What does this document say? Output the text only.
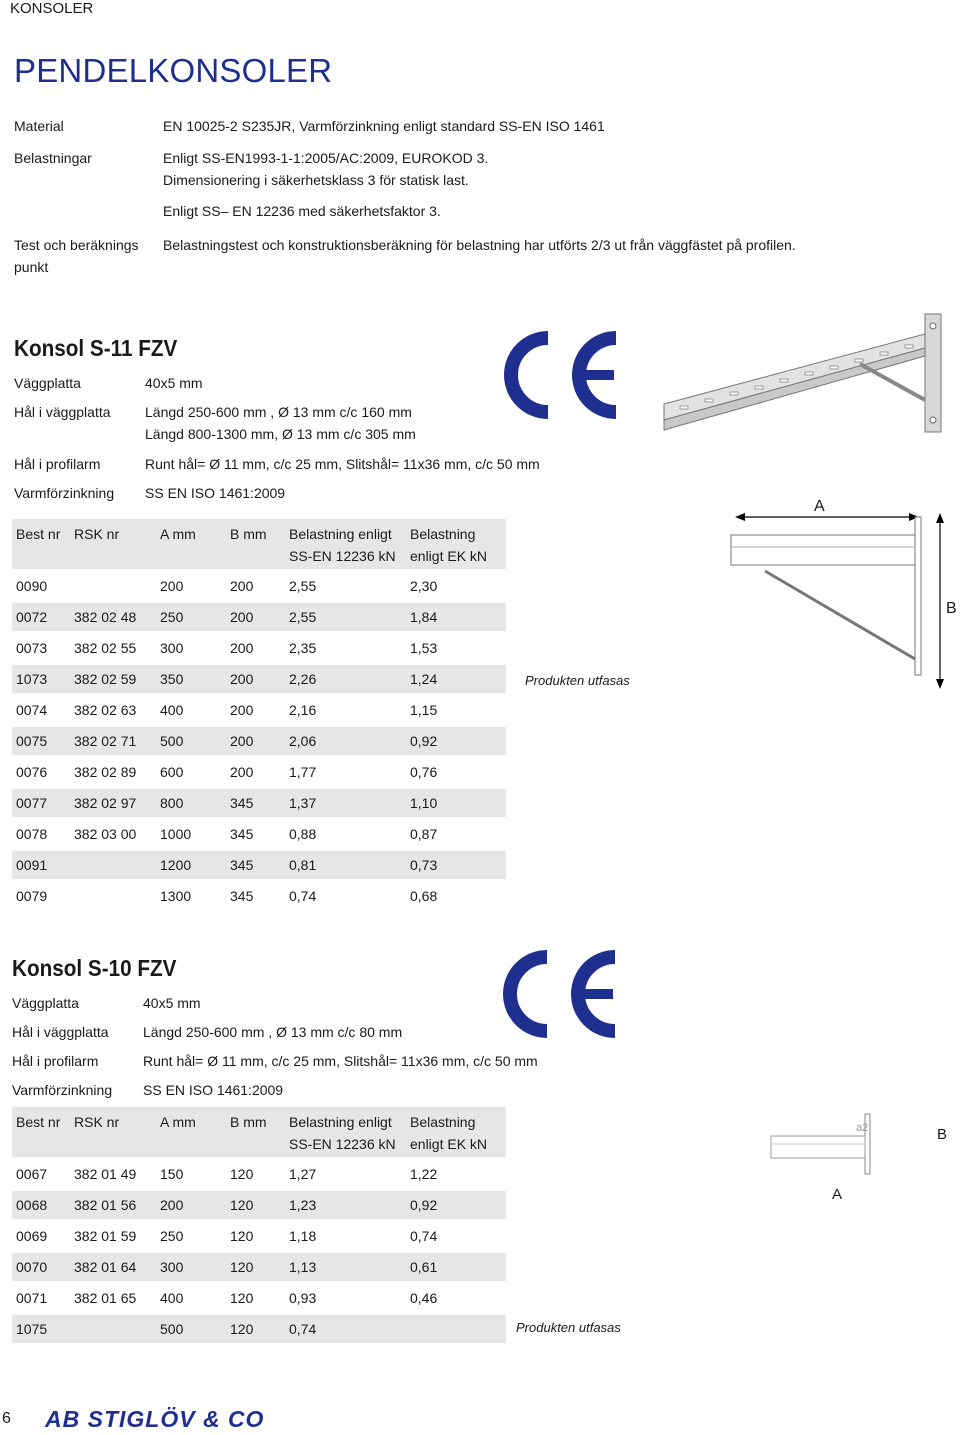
KONSOLER
PENDELKONSOLER
Material	EN 10025-2 S235JR, Varmförzinkning enligt standard SS-EN ISO 1461
Belastningar	Enligt SS-EN1993-1-1:2005/AC:2009, EUROKOD 3.
Dimensionering i säkerhetsklass 3 för statisk last.
Enligt SS– EN 12236 med säkerhetsfaktor 3.
Test och beräknings
punkt
Belastningstest och konstruktionsberäkning för belastning har utförts 2/3 ut från väggfästet på profilen.
Konsol S-11 FZV
Väggplatta	40x5 mm
Hål i väggplatta Längd 250-600 mm , Ø 13 mm c/c 160 mm
Längd 800-1300 mm, Ø 13 mm c/c 305 mm
Hål i profilarm	Runt hål= Ø 11 mm, c/c 25 mm, Slitshål= 11x36 mm, c/c 50 mm
Varmförzinkning SS EN ISO 1461:2009
A
B
Best nr	RSK nr	A mm	B mm	Belastning enligt SS-EN 12236 kN	Belastning enligt EK kN
0090		200	200	2,55	2,30
0072	382 02 48	250	200	2,55	1,84
0073	382 02 55	300	200	2,35	1,53
1073	382 02 59	350	200	2,26	1,24
0074	382 02 63	400	200	2,16	1,15
0075	382 02 71	500	200	2,06	0,92
0076	382 02 89	600	200	1,77	0,76
0077	382 02 97	800	345	1,37	1,10
0078	382 03 00	1000	345	0,88	0,87
0091		1200	345	0,81	0,73
0079		1300	345	0,74	0,68
Produkten utfasas
Konsol S-10 FZV
Väggplatta	40x5 mm
Hål i väggplatta Längd 250-600 mm , Ø 13 mm c/c 80 mm
Hål i profilarm	Runt hål= Ø 11 mm, c/c 25 mm, Slitshål= 11x36 mm, c/c 50 mm
Varmförzinkning SS EN ISO 1461:2009
a2
A
B
Best nr	RSK nr	A mm	B mm	Belastning enligt SS-EN 12236 kN	Belastning enligt EK kN
0067	382 01 49	150	120	1,27	1,22
0068	382 01 56	200	120	1,23	0,92
0069	382 01 59	250	120	1,18	0,74
0070	382 01 64	300	120	1,13	0,61
0071	382 01 65	400	120	0,93	0,46
1075		500	120	0,74		Produkten utfasas
6 AB STIGLÖV & CO
